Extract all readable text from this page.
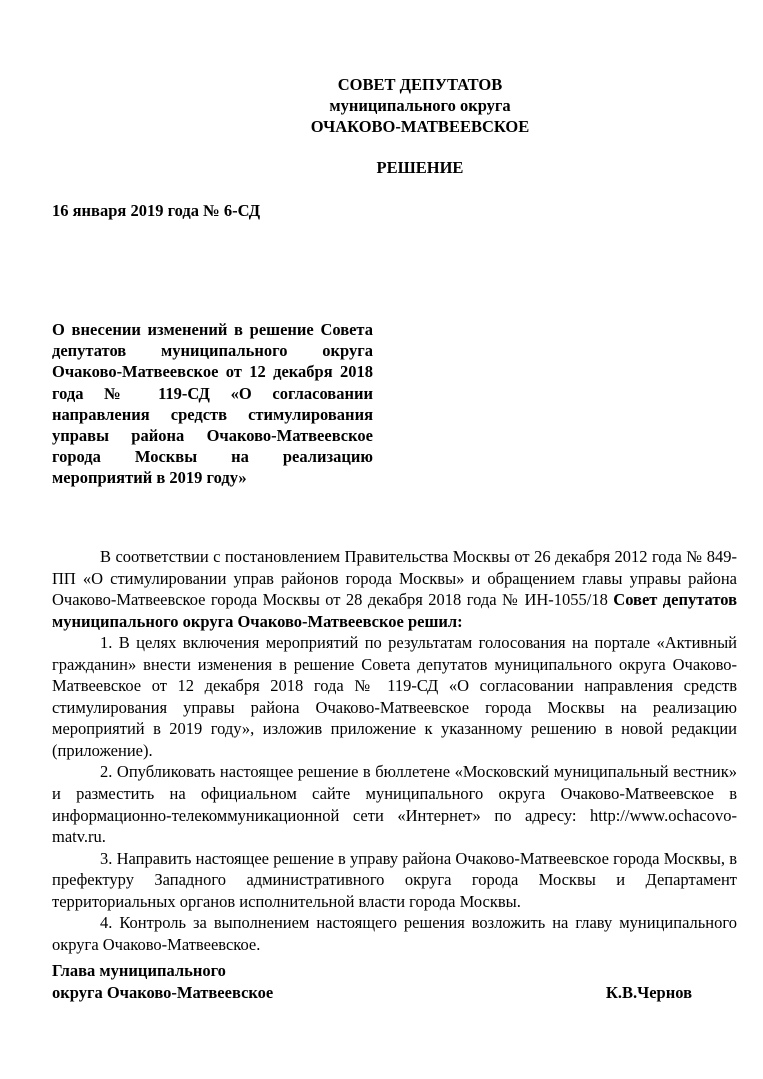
СОВЕТ ДЕПУТАТОВ
муниципального округа
ОЧАКОВО-МАТВЕЕВСКОЕ
РЕШЕНИЕ
16 января 2019 года № 6-СД
О внесении изменений в решение Совета депутатов муниципального округа Очаково-Матвеевское от 12 декабря 2018 года № 119-СД «О согласовании направления средств стимулирования управы района Очаково-Матвеевское города Москвы на реализацию мероприятий в 2019 году»

В соответствии с постановлением Правительства Москвы от 26 декабря 2012 года № 849-ПП «О стимулировании управ районов города Москвы» и обращением главы управы района Очаково-Матвеевское города Москвы от 28 декабря 2018 года № ИН-1055/18 Совет депутатов муниципального округа Очаково-Матвеевское решил:

1. В целях включения мероприятий по результатам голосования на портале «Активный гражданин» внести изменения в решение Совета депутатов муниципального округа Очаково-Матвеевское от 12 декабря 2018 года № 119-СД «О согласовании направления средств стимулирования управы района Очаково-Матвеевское города Москвы на реализацию мероприятий в 2019 году», изложив приложение к указанному решению в новой редакции (приложение).

2. Опубликовать настоящее решение в бюллетене «Московский муниципальный вестник» и разместить на официальном сайте муниципального округа Очаково-Матвеевское в информационно-телекоммуникационной сети «Интернет» по адресу: http://www.ochacovo-matv.ru.

3. Направить настоящее решение в управу района Очаково-Матвеевское города Москвы, в префектуру Западного административного округа города Москвы и Департамент территориальных органов исполнительной власти города Москвы.

4. Контроль за выполнением настоящего решения возложить на главу муниципального округа Очаково-Матвеевское.

Глава муниципального
округа Очаково-Матвеевское	К.В.Чернов
